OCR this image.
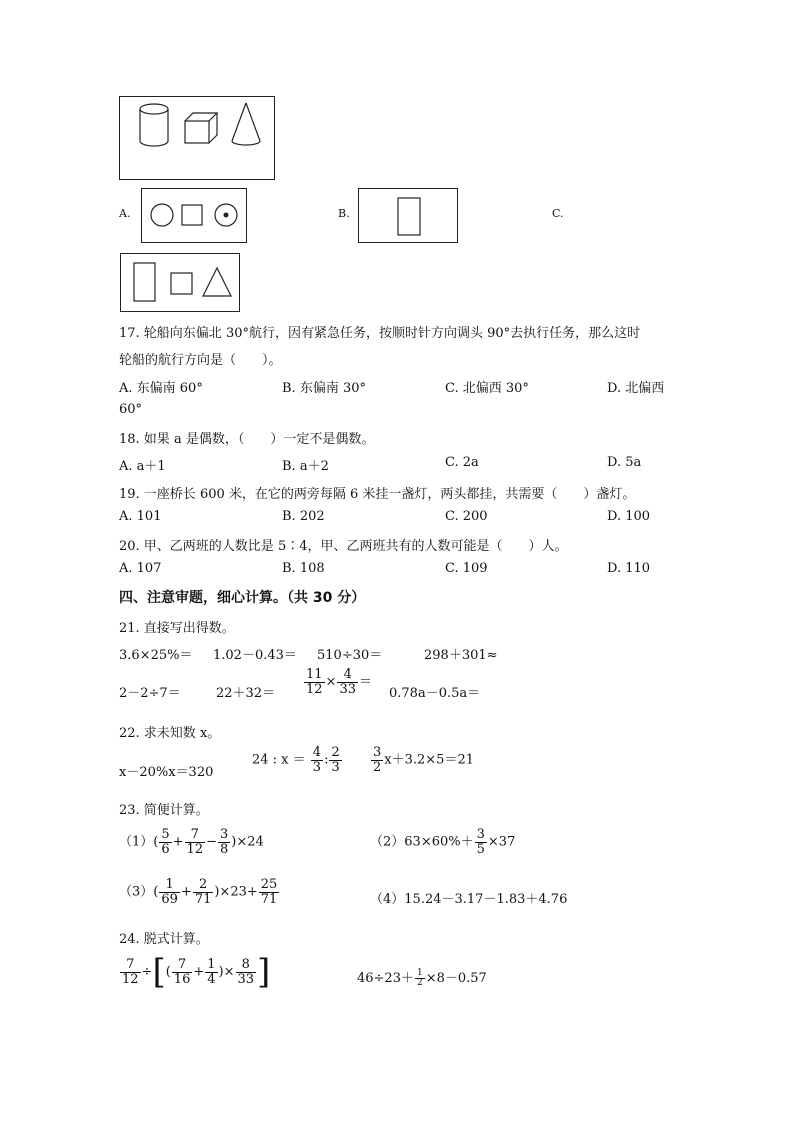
A.	B.	C.
17. 轮船向东偏北 30°航行，因有紧急任务，按顺时针方向调头 90°去执行任务，那么这时
轮船的航行方向是（　　）。
A. 东偏南 60°	B. 东偏南 30°	C. 北偏西 30°	D. 北偏西
60°
18. 如果 a 是偶数，（　　）一定不是偶数。
A. a＋1	B. a＋2	C. 2a	D. 5a
19. 一座桥长 600 米，在它的两旁每隔 6 米挂一盏灯，两头都挂，共需要（　　）盏灯。
A. 101	B. 202	C. 200	D. 100
20. 甲、乙两班的人数比是 5∶4，甲、乙两班共有的人数可能是（　　）人。
A. 107	B. 108	C. 109	D. 110
四、注意审题，细心计算。（共 30 分）
21. 直接写出得数。
3.6×25%＝ 1.02－0.43＝ 510÷30＝	298＋301≈
2－2÷7＝	$22+32= \frac{11}{12} \times \frac{4}{33}$ ＝
0.78a－0.5a＝
22. 求未知数 x。
x－20%x＝320
24 : $x = \frac{4}{3}$ : $\frac{2}{3} \frac{3}{2} x+3.2\times 5=21$
23. 简便计算。
$(1)( \frac{5}{6} + \frac{7}{12} - \frac{3}{8} )\times 24$	$(2)63\times 60\%+ \frac{3}{5} \times 37$
$(3)( \frac{1}{69} + \frac{2}{71} )\times 23+ \frac{25}{71}$	（4）15.24－3.17－1.83＋4.76
24. 脱式计算。
$\frac{7}{12}$ ÷[( $\frac{7}{16} + \frac{1}{4}$ )× $\frac{8}{33}$ ]	$46\div 23+ \frac{1}{2} \times 8-0.57$
